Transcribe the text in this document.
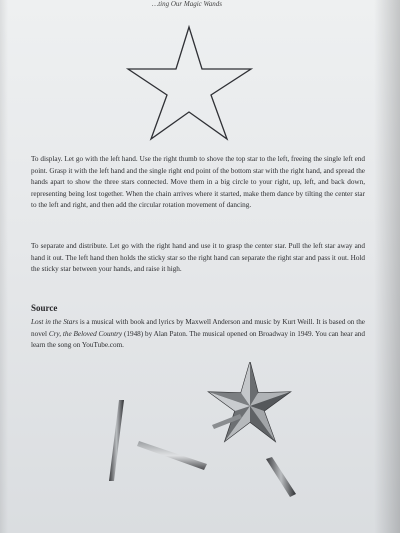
…ting Our Magic Wands

To display. Let go with the left hand. Use the right thumb to shove the top star to the left, freeing the single left end point. Grasp it with the left hand and the single right end point of the bottom star with the right hand, and spread the hands apart to show the three stars connected. Move them in a big circle to your right, up, left, and back down, representing being lost together. When the chain arrives where it started, make them dance by tilting the center star to the left and right, and then add the circular rotation movement of dancing.

To separate and distribute. Let go with the right hand and use it to grasp the center star. Pull the left star away and hand it out. The left hand then holds the sticky star so the right hand can separate the right star and pass it out. Hold the sticky star between your hands, and raise it high.

Source

Lost in the Stars is a musical with book and lyrics by Maxwell Anderson and music by Kurt Weill. It is based on the novel Cry, the Beloved Country (1948) by Alan Paton. The musical opened on Broadway in 1949. You can hear and learn the song on YouTube.com.
